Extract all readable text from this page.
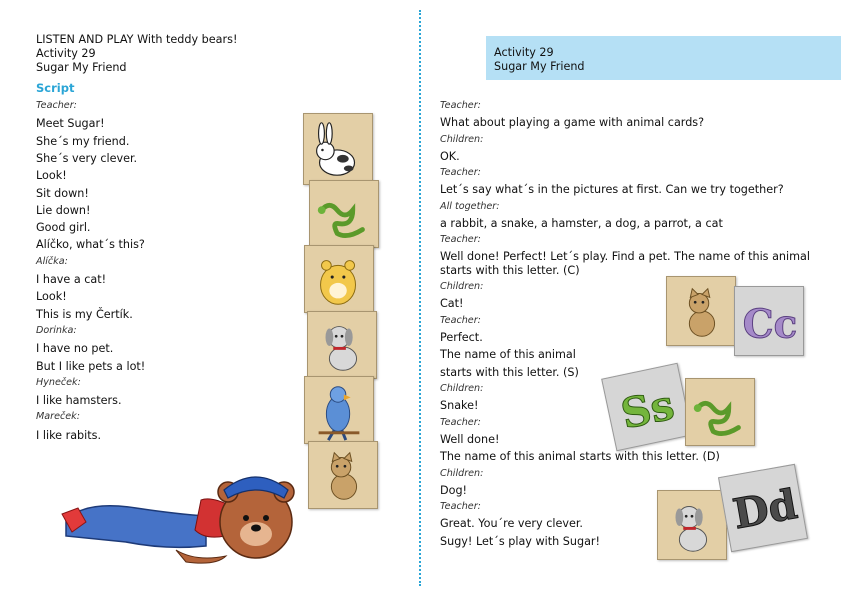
LISTEN AND PLAY With teddy bears!
Activity 29
Sugar My Friend
Script
Teacher:
Meet Sugar!
She´s my friend.
She´s very clever.
Look!
Sit down!
Lie down!
Good girl.
Alíčko, what´s this?
Alíčka:
I have a cat!
Look!
This is my Čertík.
Dorinka:
I have no pet.
But I like pets a lot!
Hyneček:
I like hamsters.
Mareček:
I like rabits.
Activity 29
Sugar My Friend
Teacher:
What about playing a game with animal cards?
Children:
OK.
Teacher:
Let´s say what´s in the pictures at first. Can we try together?
All together:
a rabbit, a snake, a hamster, a dog, a parrot, a cat
Teacher:
Well done! Perfect! Let´s play. Find a pet. The name of this animal
starts with this letter. (C)
Children:
Cat!
Teacher:
Perfect.
The name of this animal
starts with this letter. (S)
Children:
Snake!
Teacher:
Well done!
The name of this animal starts with this letter. (D)
Children:
Dog!
Teacher:
Great. You´re very clever.
Sugy! Let´s play with Sugar!
Cc
Ss
Dd
